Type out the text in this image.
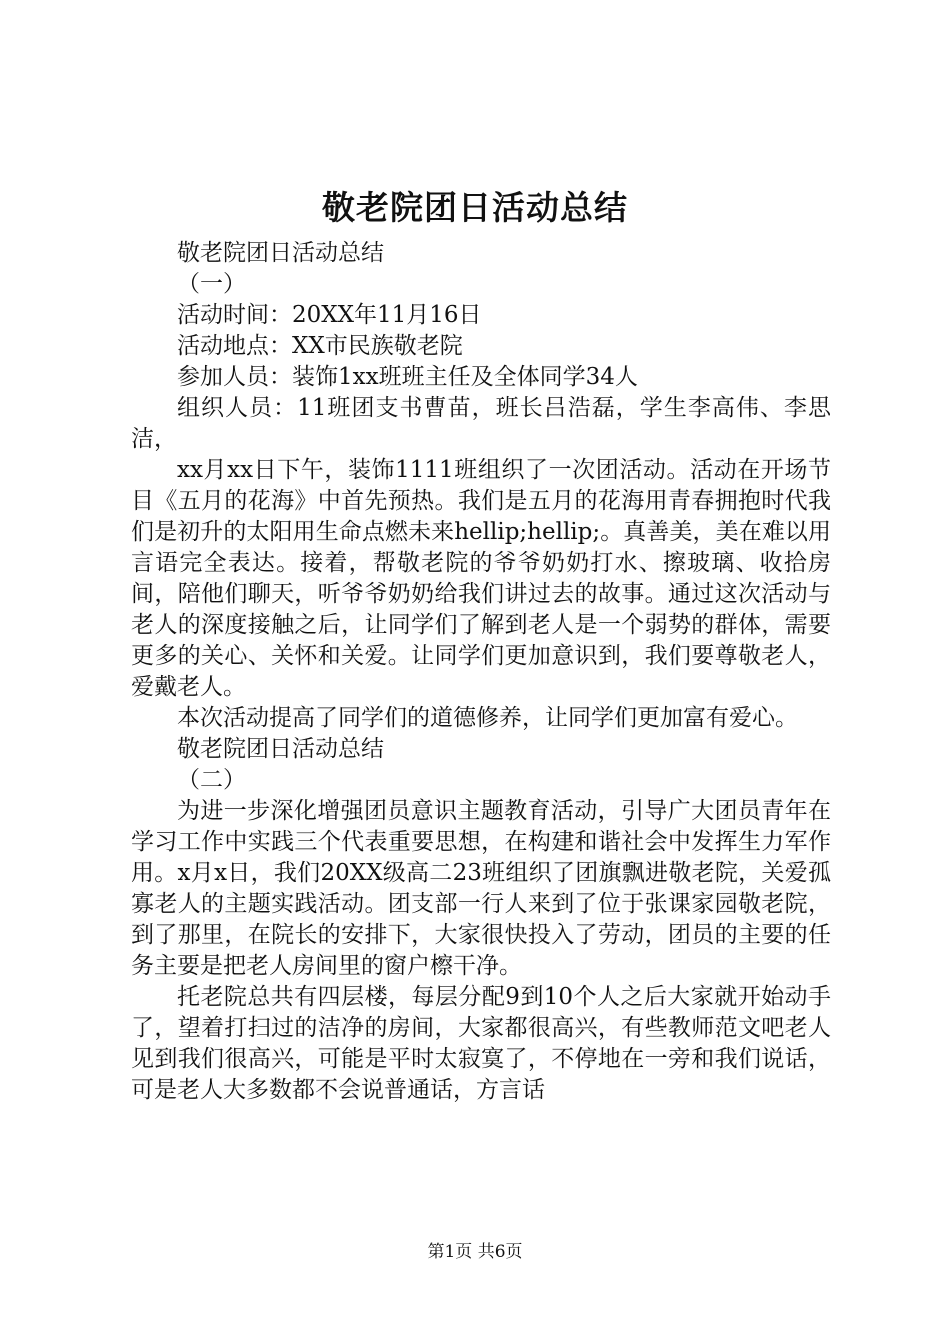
敬老院团日活动总结

敬老院团日活动总结

（一）

活动时间：20XX年11月16日

活动地点：XX市民族敬老院

参加人员：装饰1xx班班主任及全体同学34人

组织人员：11班团支书曹苗，班长吕浩磊，学生李高伟、李思洁，

xx月xx日下午，装饰1111班组织了一次团活动。活动在开场节目《五月的花海》中首先预热。我们是五月的花海用青春拥抱时代我们是初升的太阳用生命点燃未来hellip;hellip;。真善美，美在难以用言语完全表达。接着，帮敬老院的爷爷奶奶打水、擦玻璃、收拾房间，陪他们聊天，听爷爷奶奶给我们讲过去的故事。通过这次活动与老人的深度接触之后，让同学们了解到老人是一个弱势的群体，需要更多的关心、关怀和关爱。让同学们更加意识到，我们要尊敬老人，爱戴老人。

本次活动提高了同学们的道德修养，让同学们更加富有爱心。

敬老院团日活动总结

（二）

为进一步深化增强团员意识主题教育活动，引导广大团员青年在学习工作中实践三个代表重要思想，在构建和谐社会中发挥生力军作用。x月x日，我们20XX级高二23班组织了团旗飘进敬老院，关爱孤寡老人的主题实践活动。团支部一行人来到了位于张课家园敬老院，到了那里，在院长的安排下，大家很快投入了劳动，团员的主要的任务主要是把老人房间里的窗户檫干净。

托老院总共有四层楼，每层分配9到10个人之后大家就开始动手了，望着打扫过的洁净的房间，大家都很高兴，有些教师范文吧老人见到我们很高兴，可能是平时太寂寞了，不停地在一旁和我们说话，可是老人大多数都不会说普通话，方言话

第1页 共6页
